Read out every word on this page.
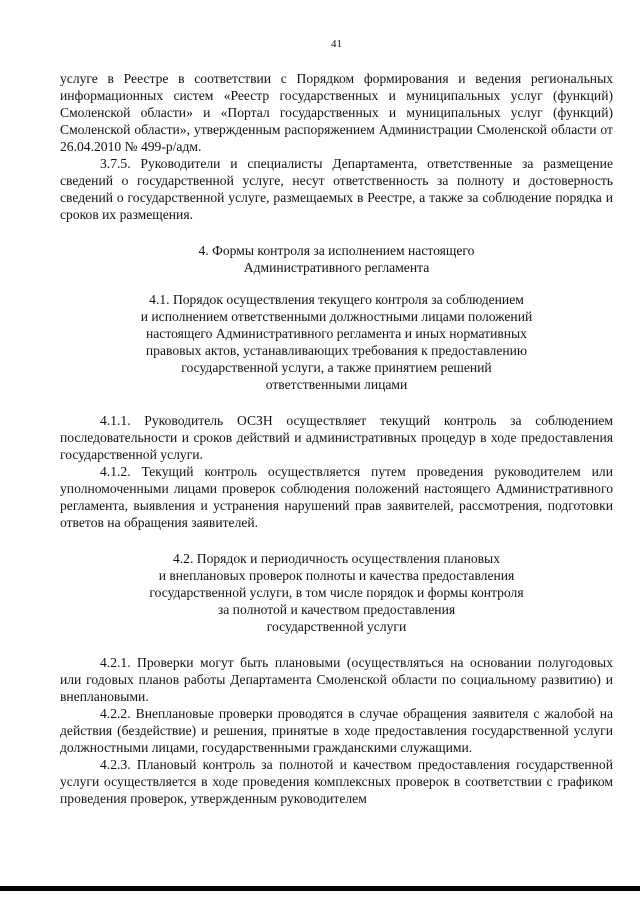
41

услуге в Реестре в соответствии с Порядком формирования и ведения региональных информационных систем «Реестр государственных и муниципальных услуг (функций) Смоленской области» и «Портал государственных и муниципальных услуг (функций) Смоленской области», утвержденным распоряжением Администрации Смоленской области от 26.04.2010 № 499-р/адм.

3.7.5. Руководители и специалисты Департамента, ответственные за размещение сведений о государственной услуге, несут ответственность за полноту и достоверность сведений о государственной услуге, размещаемых в Реестре, а также за соблюдение порядка и сроков их размещения.

4. Формы контроля за исполнением настоящего
Административного регламента
4.1. Порядок осуществления текущего контроля за соблюдением
и исполнением ответственными должностными лицами положений
настоящего Административного регламента и иных нормативных
правовых актов, устанавливающих требования к предоставлению
государственной услуги, а также принятием решений
ответственными лицами

4.1.1. Руководитель ОСЗН осуществляет текущий контроль за соблюдением последовательности и сроков действий и административных процедур в ходе предоставления государственной услуги.

4.1.2. Текущий контроль осуществляется путем проведения руководителем или уполномоченными лицами проверок соблюдения положений настоящего Административного регламента, выявления и устранения нарушений прав заявителей, рассмотрения, подготовки ответов на обращения заявителей.

4.2. Порядок и периодичность осуществления плановых
и внеплановых проверок полноты и качества предоставления
государственной услуги, в том числе порядок и формы контроля
за полнотой и качеством предоставления
государственной услуги

4.2.1. Проверки могут быть плановыми (осуществляться на основании полугодовых или годовых планов работы Департамента Смоленской области по социальному развитию) и внеплановыми.

4.2.2. Внеплановые проверки проводятся в случае обращения заявителя с жалобой на действия (бездействие) и решения, принятые в ходе предоставления государственной услуги должностными лицами, государственными гражданскими служащими.

4.2.3. Плановый контроль за полнотой и качеством предоставления государственной услуги осуществляется в ходе проведения комплексных проверок в соответствии с графиком проведения проверок, утвержденным руководителем
